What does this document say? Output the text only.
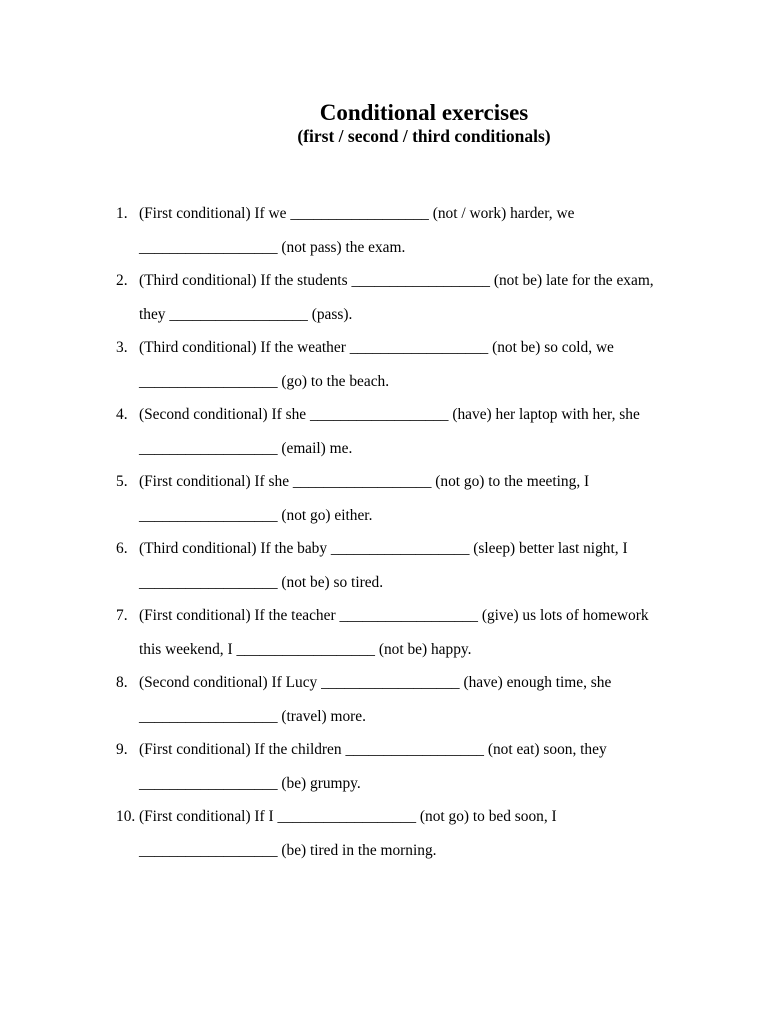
Conditional exercises
(first / second / third conditionals)
1. (First conditional) If we __________________ (not / work) harder, we
__________________ (not pass) the exam.
2. (Third conditional) If the students __________________ (not be) late for the exam,
they __________________ (pass).
3. (Third conditional) If the weather __________________ (not be) so cold, we
__________________ (go) to the beach.
4. (Second conditional) If she __________________ (have) her laptop with her, she
__________________ (email) me.
5. (First conditional) If she __________________ (not go) to the meeting, I
__________________ (not go) either.
6. (Third conditional) If the baby __________________ (sleep) better last night, I
__________________ (not be) so tired.
7. (First conditional) If the teacher __________________ (give) us lots of homework
this weekend, I __________________ (not be) happy.
8. (Second conditional) If Lucy __________________ (have) enough time, she
__________________ (travel) more.
9. (First conditional) If the children __________________ (not eat) soon, they
__________________ (be) grumpy.
10. (First conditional) If I __________________ (not go) to bed soon, I
__________________ (be) tired in the morning.
